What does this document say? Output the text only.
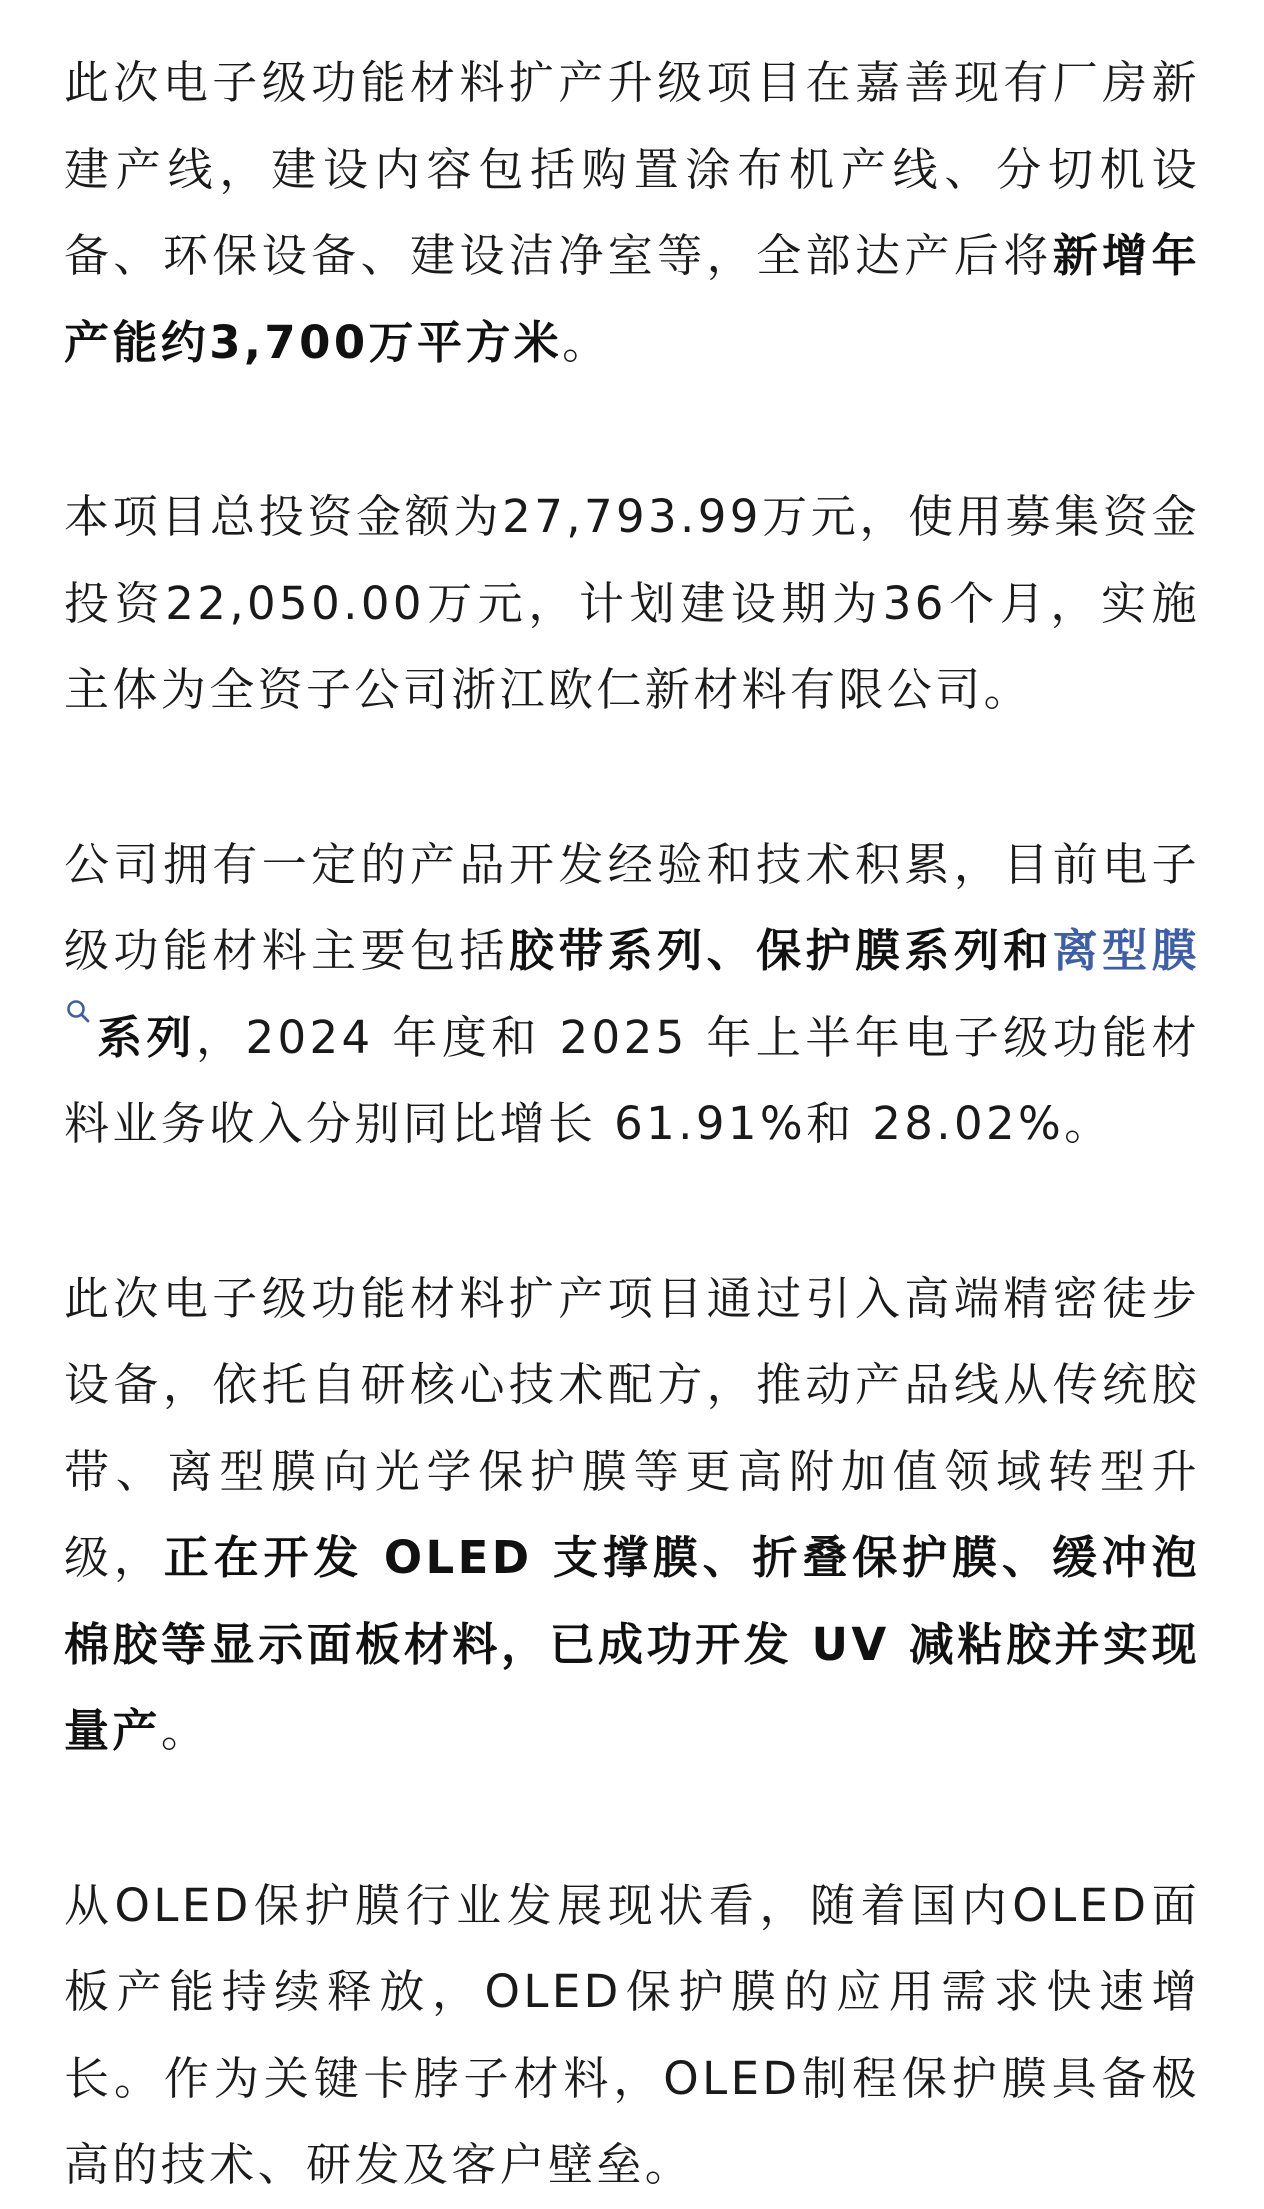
此次电子级功能材料扩产升级项目在嘉善现有厂房新建产线，建设内容包括购置涂布机产线、分切机设备、环保设备、建设洁净室等，全部达产后将新增年产能约3,700万平方米。

本项目总投资金额为27,793.99万元，使用募集资金投资22,050.00万元，计划建设期为36个月，实施主体为全资子公司浙江欧仁新材料有限公司。

公司拥有一定的产品开发经验和技术积累，目前电子级功能材料主要包括胶带系列、保护膜系列和离型膜
系列，2024 年度和 2025 年上半年电子级功能材料业务收入分别同比增长 61.91%和 28.02%。

此次电子级功能材料扩产项目通过引入高端精密徒步设备，依托自研核心技术配方，推动产品线从传统胶带、离型膜向光学保护膜等更高附加值领域转型升级，正在开发 OLED 支撑膜、折叠保护膜、缓冲泡棉胶等显示面板材料，已成功开发 UV 减粘胶并实现量产。

从OLED保护膜行业发展现状看，随着国内OLED面板产能持续释放，OLED保护膜的应用需求快速增长。作为关键卡脖子材料，OLED制程保护膜具备极高的技术、研发及客户壁垒。
